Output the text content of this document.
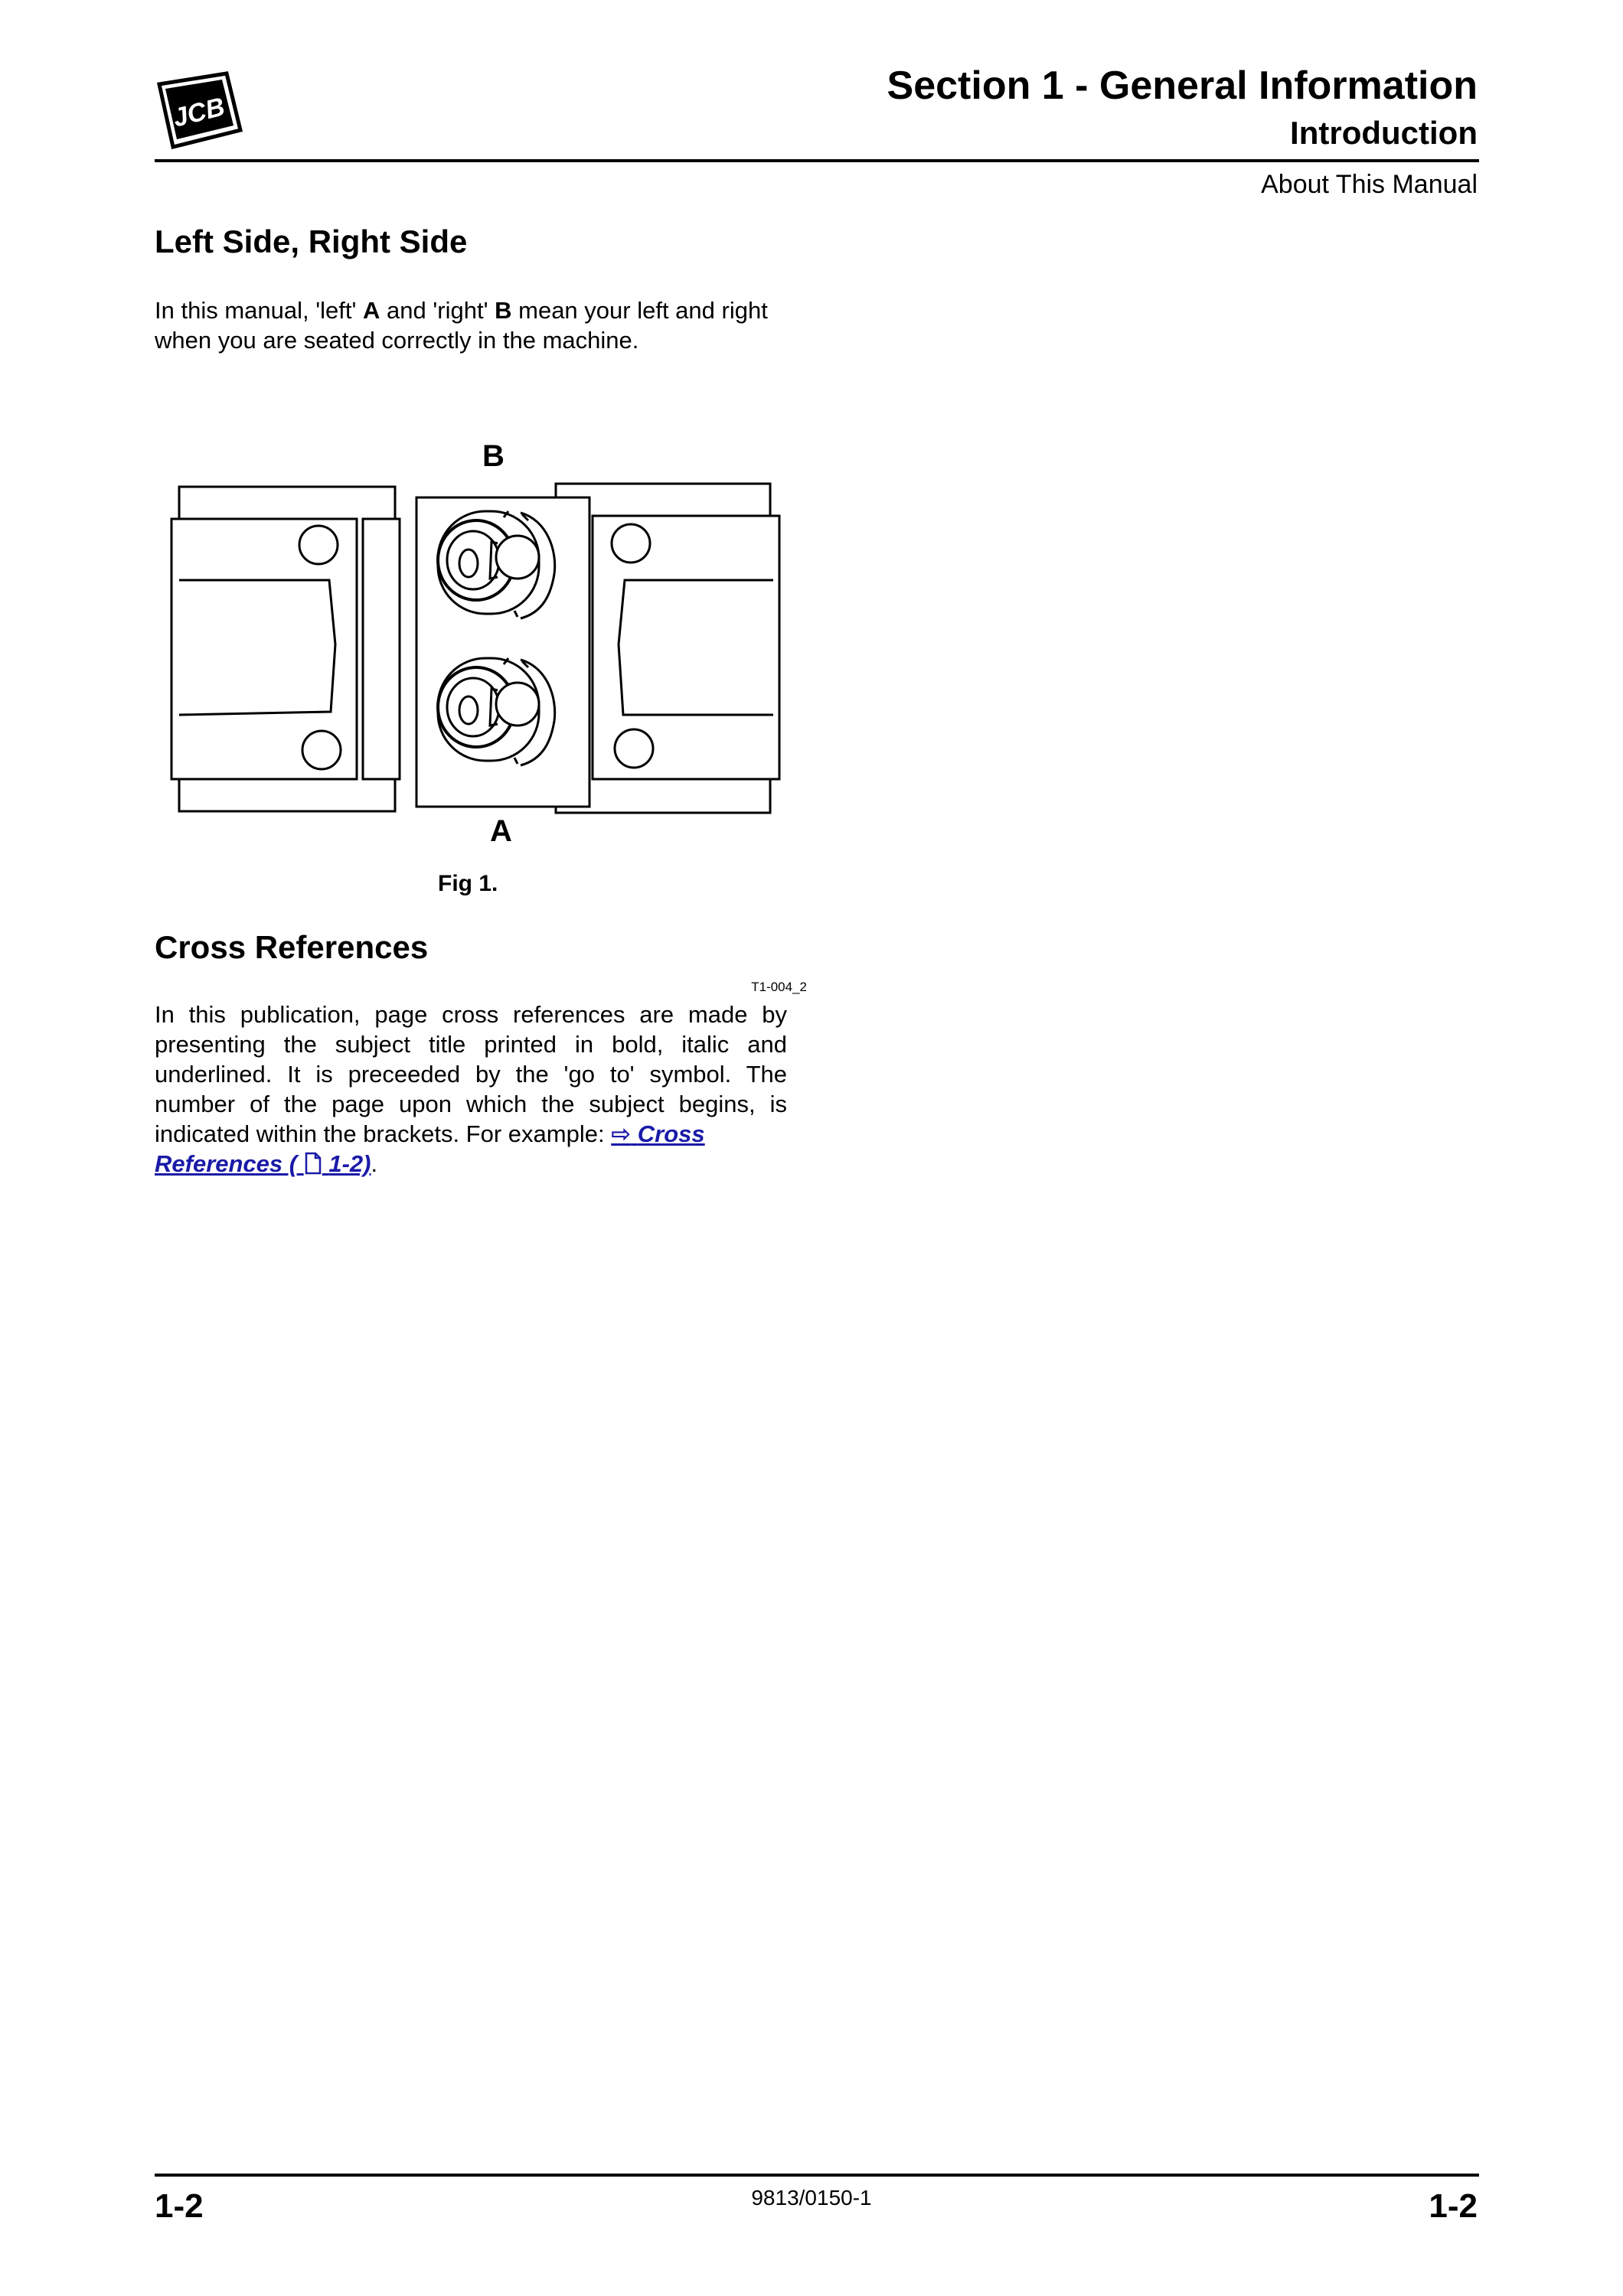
JCB
Section 1 - General Information
Introduction
About This Manual
Left Side, Right Side
In this manual, 'left' A and 'right' B mean your left and right when you are seated correctly in the machine.
B
A
Fig 1.
Cross References
T1-004_2
In this publication, page cross references are made by presenting the subject title printed in bold, italic and underlined. It is preceeded by the 'go to' symbol. The number of the page upon which the subject begins, is indicated within the brackets. For example: ⇨ Cross
References ( 1-2).
1-2	9813/0150-1	1-2
